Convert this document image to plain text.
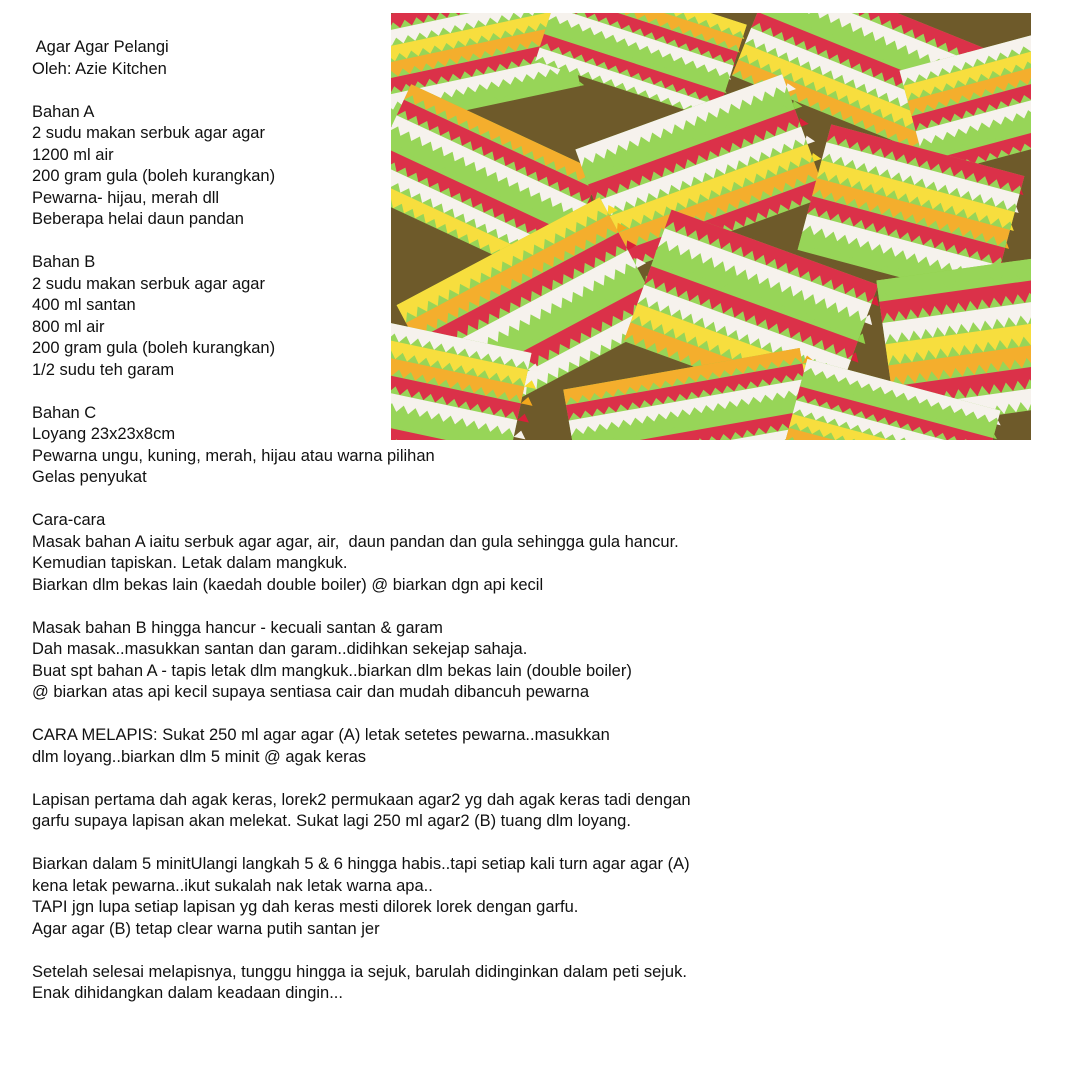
Agar Agar Pelangi
Oleh: Azie Kitchen
Bahan A
2 sudu makan serbuk agar agar
1200 ml air
200 gram gula (boleh kurangkan)
Pewarna- hijau, merah dll
Beberapa helai daun pandan
Bahan B
2 sudu makan serbuk agar agar
400 ml santan
800 ml air
200 gram gula (boleh kurangkan)
1/2 sudu teh garam
Bahan C
Loyang 23x23x8cm
Pewarna ungu, kuning, merah, hijau atau warna pilihan
Gelas penyukat
Cara-cara
Masak bahan A iaitu serbuk agar agar, air,  daun pandan dan gula sehingga gula hancur.
Kemudian tapiskan. Letak dalam mangkuk.
Biarkan dlm bekas lain (kaedah double boiler) @ biarkan dgn api kecil
Masak bahan B hingga hancur - kecuali santan & garam
Dah masak..masukkan santan dan garam..didihkan sekejap sahaja.
Buat spt bahan A - tapis letak dlm mangkuk..biarkan dlm bekas lain (double boiler)
@ biarkan atas api kecil supaya sentiasa cair dan mudah dibancuh pewarna
CARA MELAPIS: Sukat 250 ml agar agar (A) letak setetes pewarna..masukkan
dlm loyang..biarkan dlm 5 minit @ agak keras
Lapisan pertama dah agak keras, lorek2 permukaan agar2 yg dah agak keras tadi dengan
garfu supaya lapisan akan melekat. Sukat lagi 250 ml agar2 (B) tuang dlm loyang.
Biarkan dalam 5 minitUlangi langkah 5 & 6 hingga habis..tapi setiap kali turn agar agar (A)
kena letak pewarna..ikut sukalah nak letak warna apa..
TAPI jgn lupa setiap lapisan yg dah keras mesti dilorek lorek dengan garfu.
Agar agar (B) tetap clear warna putih santan jer
Setelah selesai melapisnya, tunggu hingga ia sejuk, barulah didinginkan dalam peti sejuk.
Enak dihidangkan dalam keadaan dingin...
